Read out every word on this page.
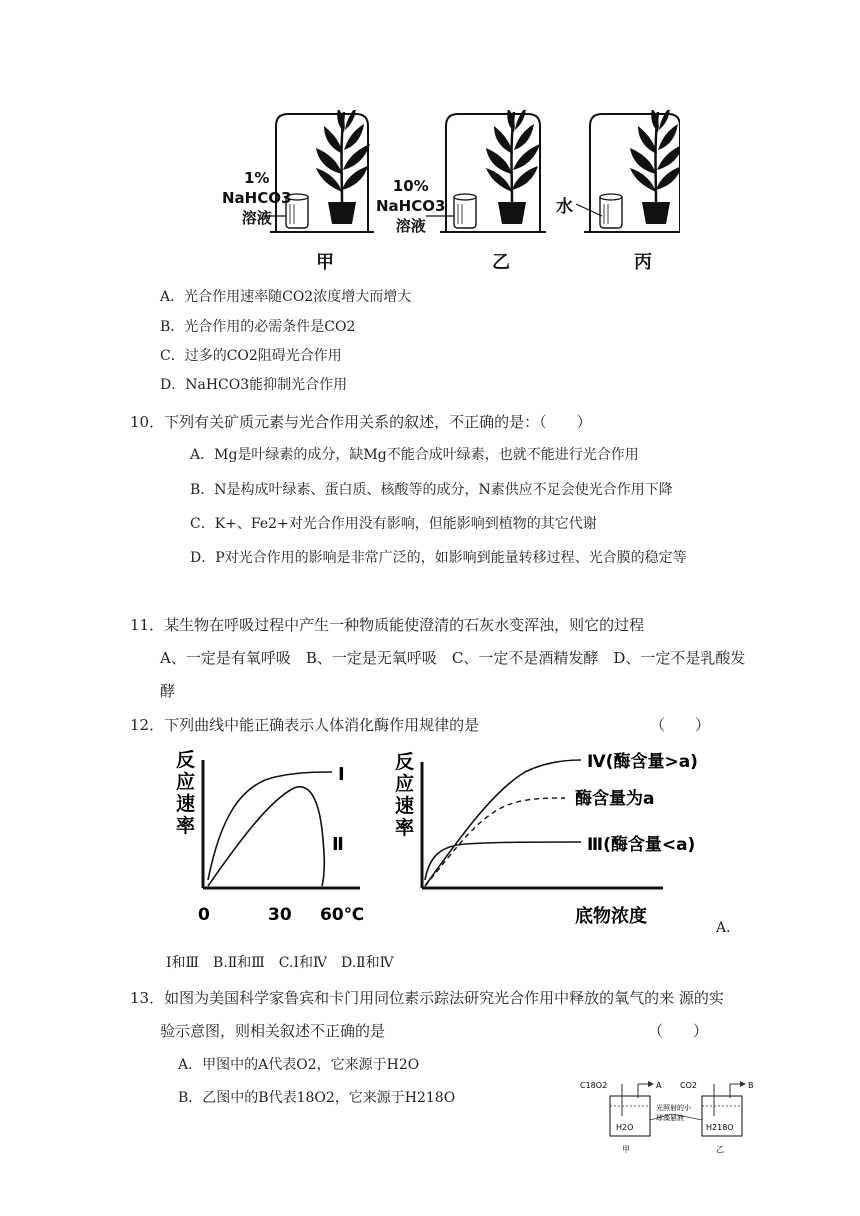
1%
NaHCO3
溶液
10%
NaHCO3
溶液
水
甲	乙	丙
A．光合作用速率随CO2浓度增大而增大
B．光合作用的必需条件是CO2
C．过多的CO2阻碍光合作用
D．NaHCO3能抑制光合作用
10．下列有关矿质元素与光合作用关系的叙述，不正确的是：（　　）
A．Mg是叶绿素的成分，缺Mg不能合成叶绿素，也就不能进行光合作用
B．N是构成叶绿素、蛋白质、核酸等的成分，N素供应不足会使光合作用下降
C．K+、Fe2+对光合作用没有影响，但能影响到植物的其它代谢
D．P对光合作用的影响是非常广泛的，如影响到能量转移过程、光合膜的稳定等
11．某生物在呼吸过程中产生一种物质能使澄清的石灰水变浑浊，则它的过程
A、一定是有氧呼吸　B、一定是无氧呼吸　C、一定不是酒精发酵　D、一定不是乳酸发
酵
12．下列曲线中能正确表示人体消化酶作用规律的是	（　　）
反
应
速
率
Ⅰ
Ⅱ
0	30 60℃
反
应
速
率
Ⅳ(酶含量>a)
酶含量为a
Ⅲ(酶含量<a)
底物浓度
A.
Ⅰ和Ⅲ　B.Ⅱ和Ⅲ　C.Ⅰ和Ⅳ　D.Ⅱ和Ⅳ
13．如图为美国科学家鲁宾和卡门用同位素示踪法研究光合作用中释放的氧气的来 源的实
验示意图，则相关叙述不正确的是	（　　）
A．甲图中的A代表O2，它来源于H2O
B．乙图中的B代表18O2，它来源于H218O
C18O2	A
H2O
甲
CO2	B
H218O
乙
光照射的小
球藻悬液
